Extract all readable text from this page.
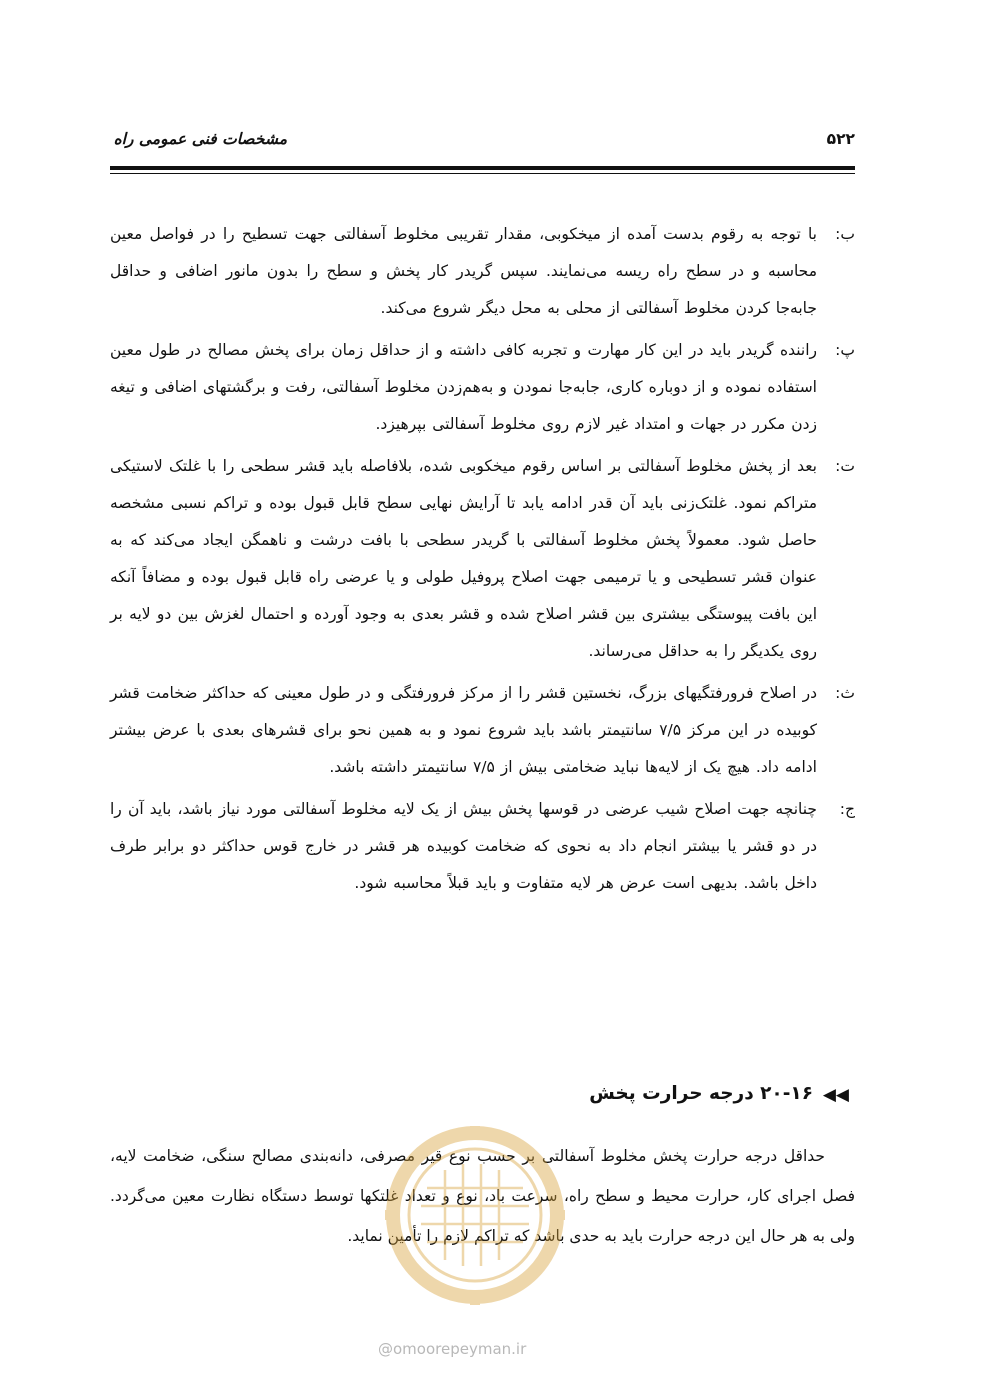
مشخصات فنی عمومی راه	۵۲۲
ب:

با توجه به رقوم بدست آمده از میخکوبی، مقدار تقریبی مخلوط آسفالتی جهت تسطیح را در فواصل معین محاسبه و در سطح راه ریسه می‌نمایند. سپس گریدر کار پخش و سطح را بدون مانور اضافی و حداقل جابه‌جا کردن مخلوط آسفالتی از محلی به محل دیگر شروع می‌کند.

پ:

راننده گریدر باید در این کار مهارت و تجربه کافی داشته و از حداقل زمان برای پخش مصالح در طول معین استفاده نموده و از دوباره کاری، جابه‌جا نمودن و به‌هم‌زدن مخلوط آسفالتی، رفت و برگشتهای اضافی و تیغه زدن مکرر در جهات و امتداد غیر لازم روی مخلوط آسفالتی بپرهیزد.

ت:

بعد از پخش مخلوط آسفالتی بر اساس رقوم میخکوبی شده، بلافاصله باید قشر سطحی را با غلتک لاستیکی متراکم نمود. غلتک‌زنی باید آن قدر ادامه یابد تا آرایش نهایی سطح قابل قبول بوده و تراکم نسبی مشخصه حاصل شود. معمولاً پخش مخلوط آسفالتی با گریدر سطحی با بافت درشت و ناهمگن ایجاد می‌کند که به عنوان قشر تسطیحی و یا ترمیمی جهت اصلاح پروفیل طولی و یا عرضی راه قابل قبول بوده و مضافاً آنکه این بافت پیوستگی بیشتری بین قشر اصلاح شده و قشر بعدی به وجود آورده و احتمال لغزش بین دو لایه بر روی یکدیگر را به حداقل می‌رساند.

ث:

در اصلاح فرورفتگیهای بزرگ، نخستین قشر را از مرکز فرورفتگی و در طول معینی که حداکثر ضخامت قشر کوبیده در این مرکز ۷/۵ سانتیمتر باشد باید شروع نمود و به همین نحو برای قشرهای بعدی با عرض بیشتر ادامه داد. هیچ یک از لایه‌ها نباید ضخامتی بیش از ۷/۵ سانتیمتر داشته باشد.

ج:

چنانچه جهت اصلاح شیب عرضی در قوسها پخش بیش از یک لایه مخلوط آسفالتی مورد نیاز باشد، باید آن را در دو قشر یا بیشتر انجام داد به نحوی که ضخامت کوبیده هر قشر در خارج قوس حداکثر دو برابر طرف داخل باشد. بدیهی است عرض هر لایه متفاوت و باید قبلاً محاسبه شود.

◀◀
۲۰-۱۶ درجه حرارت پخش

حداقل درجه حرارت پخش مخلوط آسفالتی بر حسب نوع قیر مصرفی، دانه‌بندی مصالح سنگی، ضخامت لایه، فصل اجرای کار، حرارت محیط و سطح راه، سرعت باد، نوع و تعداد غلتکها توسط دستگاه نظارت معین می‌گردد. ولی به هر حال این درجه حرارت باید به حدی باشد که تراکم لازم را تأمین نماید.

@omoorepeyman.ir
